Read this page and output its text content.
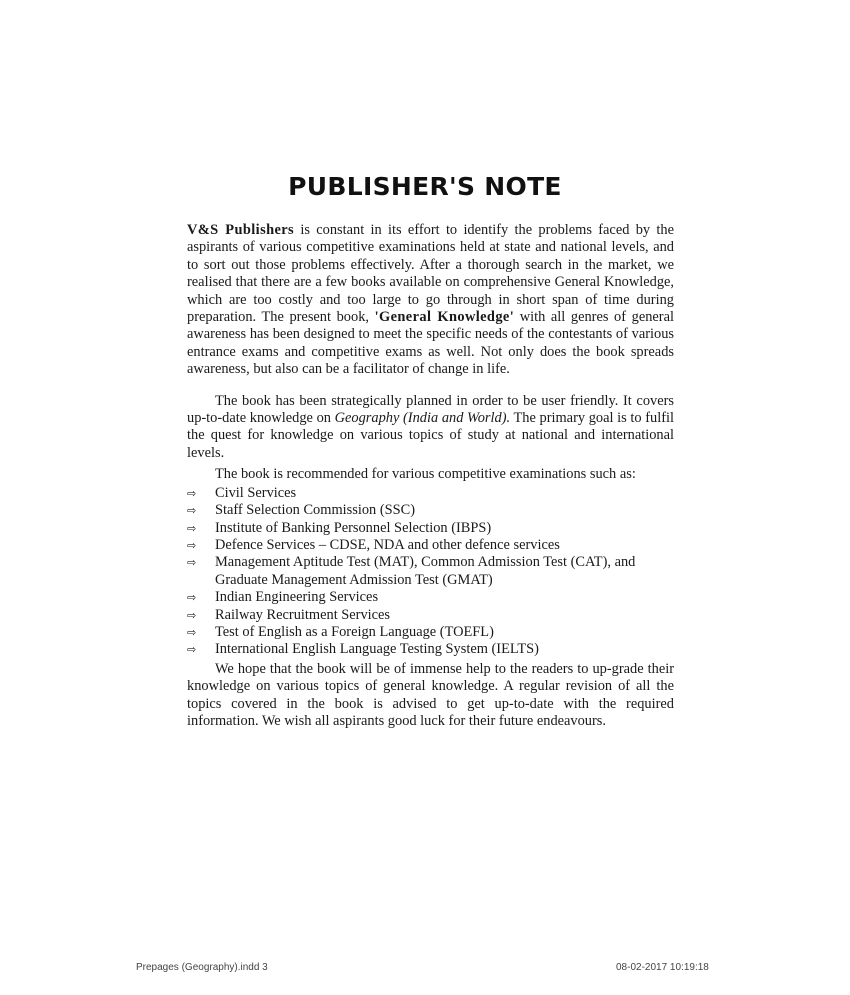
PUBLISHER'S NOTE

V&S Publishers is constant in its effort to identify the problems faced by the aspirants of various competitive examinations held at state and national levels, and to sort out those problems effectively. After a thorough search in the market, we realised that there are a few books available on comprehensive General Knowledge, which are too costly and too large to go through in short span of time during preparation. The present book, 'General Knowledge' with all genres of general awareness has been designed to meet the specific needs of the contestants of various entrance exams and competitive exams as well. Not only does the book spreads awareness, but also can be a facilitator of change in life.

The book has been strategically planned in order to be user friendly. It covers up-to-date knowledge on Geography (India and World). The primary goal is to fulfil the quest for knowledge on various topics of study at national and international levels.

The book is recommended for various competitive examinations such as:

⇨	Civil Services
⇨	Staff Selection Commission (SSC)
⇨	Institute of Banking Personnel Selection (IBPS)
⇨	Defence Services – CDSE, NDA and other defence services
⇨	Management Aptitude Test (MAT), Common Admission Test (CAT), and Graduate Management Admission Test (GMAT)
⇨	Indian Engineering Services
⇨	Railway Recruitment Services
⇨	Test of English as a Foreign Language (TOEFL)
⇨	International English Language Testing System (IELTS)

We hope that the book will be of immense help to the readers to up-grade their knowledge on various topics of general knowledge. A regular revision of all the topics covered in the book is advised to get up-to-date with the required information. We wish all aspirants good luck for their future endeavours.

Prepages (Geography).indd 3	08-02-2017 10:19:18
